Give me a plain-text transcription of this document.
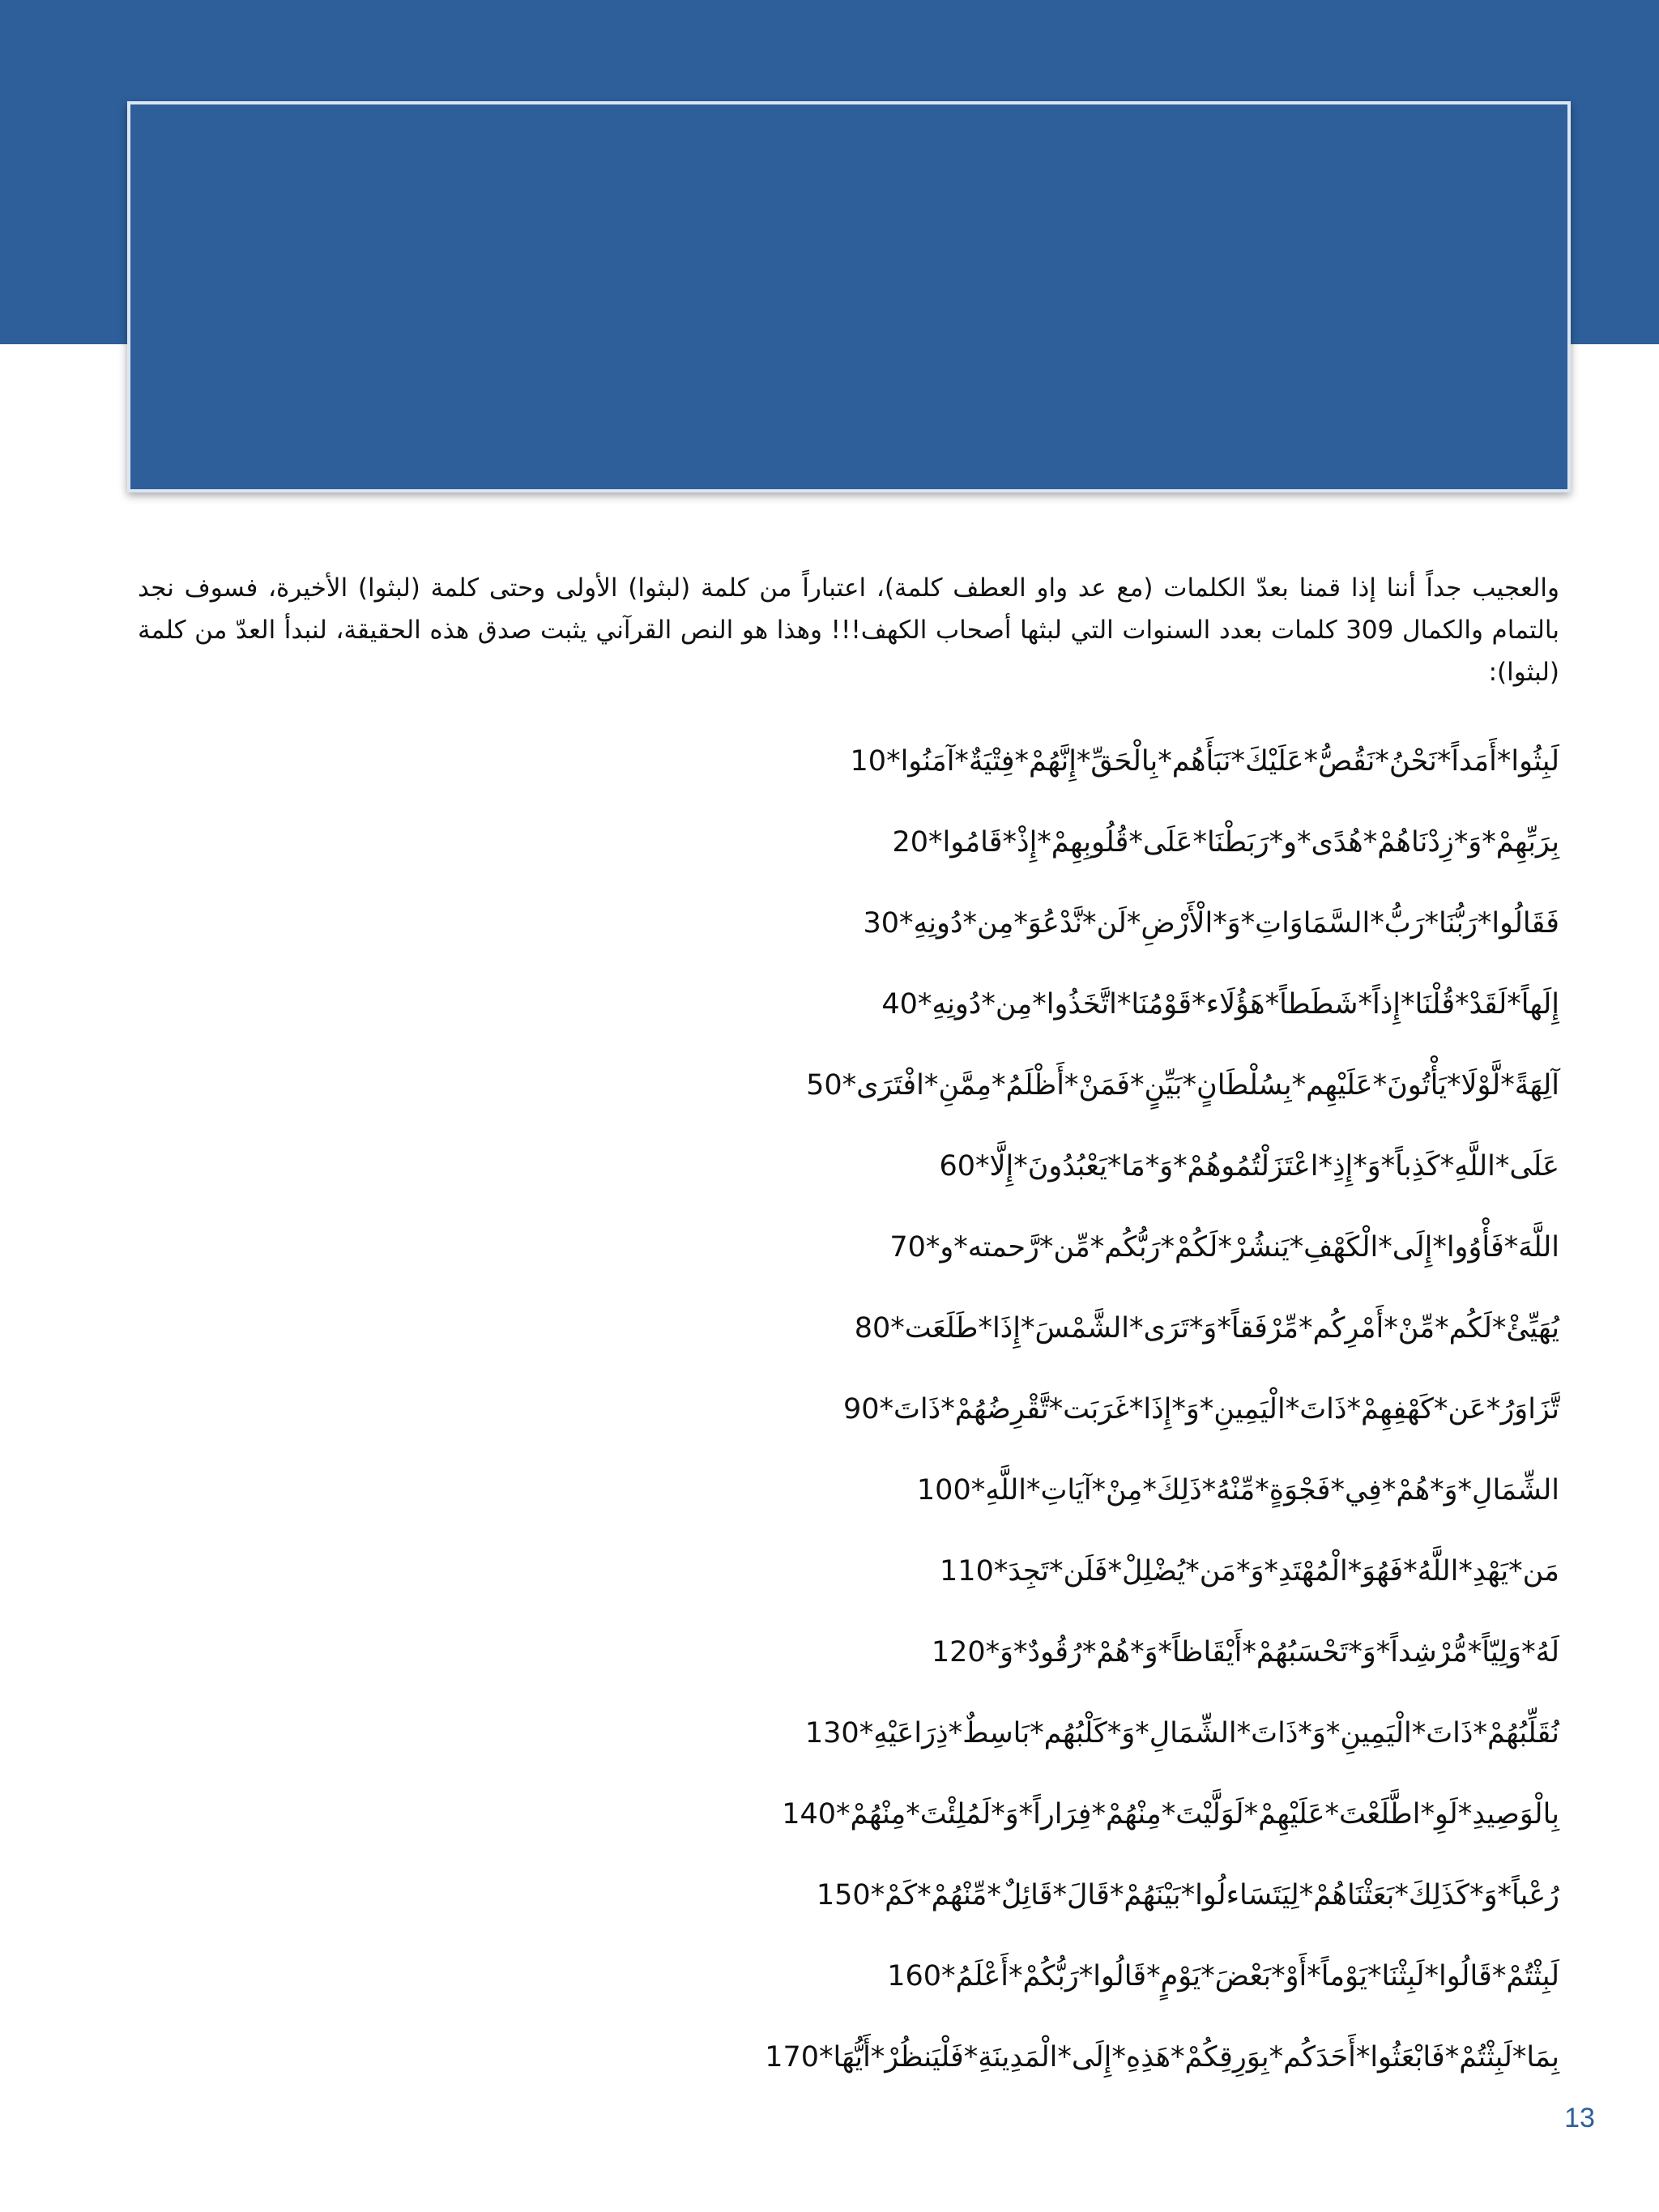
والعجيب جداً أننا إذا قمنا بعدّ الكلمات (مع عد واو العطف كلمة)، اعتباراً من كلمة (لبثوا) الأولى وحتى كلمة (لبثوا) الأخيرة، فسوف نجد بالتمام والكمال 309 كلمات بعدد السنوات التي لبثها أصحاب الكهف!!! وهذا هو النص القرآني يثبت صدق هذه الحقيقة، لنبدأ العدّ من كلمة (لبثوا):
لَبِثُوا*أَمَداً*نَحْنُ*نَقُصُّ*عَلَيْكَ*نَبَأَهُم*بِالْحَقِّ*إِنَّهُمْ*فِتْيَةٌ*آمَنُوا*10
بِرَبِّهِمْ*وَ*زِدْنَاهُمْ*هُدًى*و*رَبَطْنَا*عَلَى*قُلُوبِهِمْ*إِذْ*قَامُوا*20
فَقَالُوا*رَبُّنَا*رَبُّ*السَّمَاوَاتِ*وَ*الْأَرْضِ*لَن*نَّدْعُوَ*مِن*دُونِهِ*30
إِلَهاً*لَقَدْ*قُلْنَا*إِذاً*شَطَطاً*هَؤُلَاء*قَوْمُنَا*اتَّخَذُوا*مِن*دُونِهِ*40
آلِهَةً*لَّوْلَا*يَأْتُونَ*عَلَيْهِم*بِسُلْطَانٍ*بَيِّنٍ*فَمَنْ*أَظْلَمُ*مِمَّنِ*افْتَرَى*50
عَلَى*اللَّهِ*كَذِباً*وَ*إِذِ*اعْتَزَلْتُمُوهُمْ*وَ*مَا*يَعْبُدُونَ*إِلَّا*60
اللَّهَ*فَأْوُوا*إِلَى*الْكَهْفِ*يَنشُرْ*لَكُمْ*رَبُّكُم*مِّن*رَّحمته*و*70
يُهَيِّئْ*لَكُم*مِّنْ*أَمْرِكُم*مِّرْفَقاً*وَ*تَرَى*الشَّمْسَ*إِذَا*طَلَعَت*80
تَّزَاوَرُ*عَن*كَهْفِهِمْ*ذَاتَ*الْيَمِينِ*وَ*إِذَا*غَرَبَت*تَّقْرِضُهُمْ*ذَاتَ*90
الشِّمَالِ*وَ*هُمْ*فِي*فَجْوَةٍ*مِّنْهُ*ذَلِكَ*مِنْ*آيَاتِ*اللَّهِ*100
مَن*يَهْدِ*اللَّهُ*فَهُوَ*الْمُهْتَدِ*وَ*مَن*يُضْلِلْ*فَلَن*تَجِدَ*110
لَهُ*وَلِيّاً*مُّرْشِداً*وَ*تَحْسَبُهُمْ*أَيْقَاظاً*وَ*هُمْ*رُقُودٌ*وَ*120
نُقَلِّبُهُمْ*ذَاتَ*الْيَمِينِ*وَ*ذَاتَ*الشِّمَالِ*وَ*كَلْبُهُم*بَاسِطٌ*ذِرَاعَيْهِ*130
بِالْوَصِيدِ*لَوِ*اطَّلَعْتَ*عَلَيْهِمْ*لَوَلَّيْتَ*مِنْهُمْ*فِرَاراً*وَ*لَمُلِئْتَ*مِنْهُمْ*140
رُعْباً*وَ*كَذَلِكَ*بَعَثْنَاهُمْ*لِيَتَسَاءلُوا*بَيْنَهُمْ*قَالَ*قَائِلٌ*مِّنْهُمْ*كَمْ*150
لَبِثْتُمْ*قَالُوا*لَبِثْنَا*يَوْماً*أَوْ*بَعْضَ*يَوْمٍ*قَالُوا*رَبُّكُمْ*أَعْلَمُ*160
بِمَا*لَبِثْتُمْ*فَابْعَثُوا*أَحَدَكُم*بِوَرِقِكُمْ*هَذِهِ*إِلَى*الْمَدِينَةِ*فَلْيَنظُرْ*أَيُّهَا*170
13
